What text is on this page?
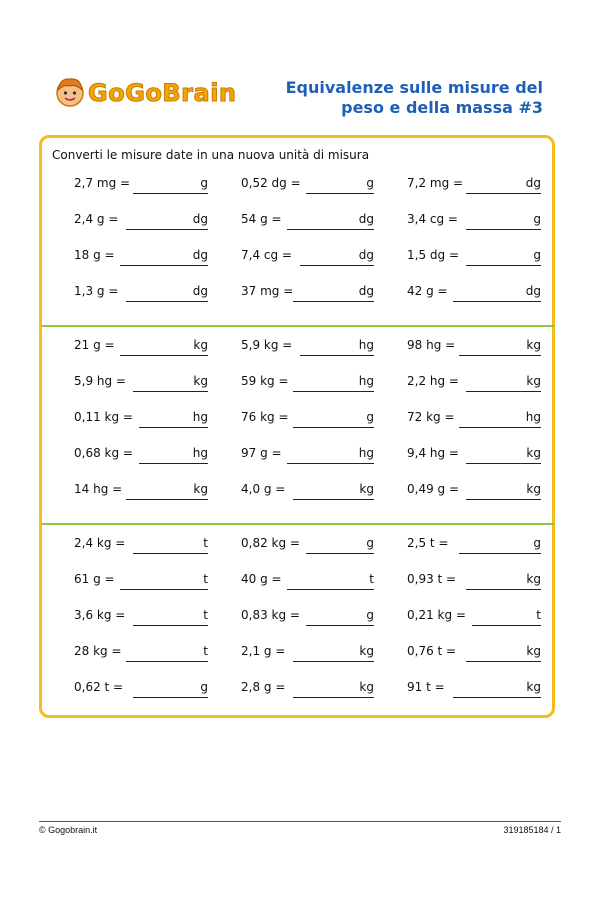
GoGoBrain	Equivalenze sulle misure del
peso e della massa #3
Converti le misure date in una nuova unità di misura
2,7 mg =	g	0,52 dg =	g	7,2 mg =	dg
2,4 g =	dg	54 g =	dg	3,4 cg =	g
18 g =	dg	7,4 cg =	dg	1,5 dg =	g
1,3 g =	dg	37 mg =	dg	42 g =	dg
21 g =	kg	5,9 kg =	hg	98 hg =	kg
5,9 hg =	kg	59 kg =	hg	2,2 hg =	kg
0,11 kg =	hg	76 kg =	g	72 kg =	hg
0,68 kg =	hg	97 g =	hg	9,4 hg =	kg
14 hg =	kg	4,0 g =	kg	0,49 g =	kg
2,4 kg =	t	0,82 kg =	g	2,5 t =	g
61 g =	t	40 g =	t	0,93 t =	kg
3,6 kg =	t	0,83 kg =	g	0,21 kg =	t
28 kg =	t	2,1 g =	kg	0,76 t =	kg
0,62 t =	g	2,8 g =	kg	91 t =	kg
© Gogobrain.it	319185184 / 1
